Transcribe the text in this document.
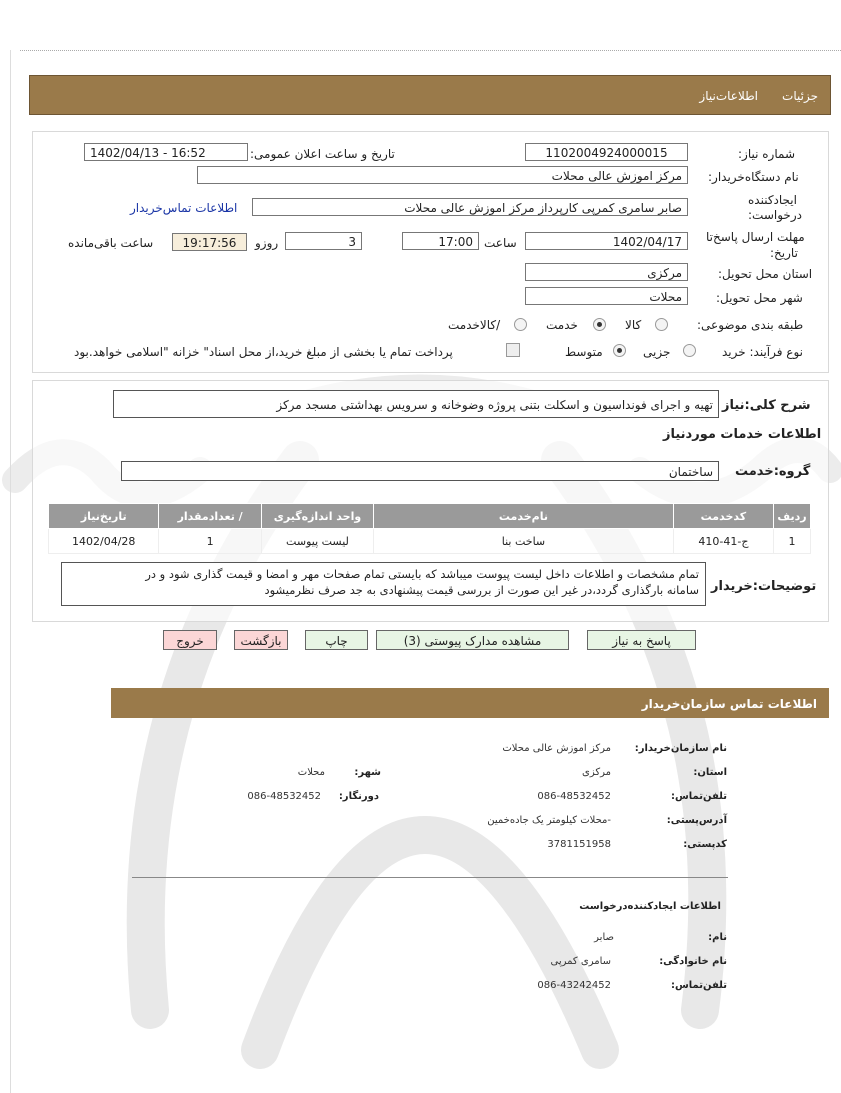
جزئیات
اطلاعات‌نیاز
شماره نیاز:
1102004924000015
تاریخ و ساعت اعلان عمومی:
1402/04/13 - 16:52
نام دستگاه‌خریدار:
مرکز اموزش عالی محلات
ایجادکننده
درخواست:
صابر سامری کمرپی کارپرداز مرکز اموزش عالی محلات
اطلاعات تماس‌خریدار
مهلت ارسال پاسخ‌تا
تاریخ:
1402/04/17
ساعت
17:00
3
روزو
19:17:56
ساعت باقی‌مانده
استان محل تحویل:
مرکزی
شهر محل تحویل:
محلات
طبقه بندی موضوعی:
کالا
خدمت
/کالاخدمت
نوع فرآیند: خرید
جزیی
متوسط
پرداخت تمام یا بخشی از مبلغ خرید،از محل اسناد" خزانه "اسلامی خواهد.بود
شرح کلی:نیاز
تهیه و اجرای فونداسیون و اسکلت بتنی پروژه وضوخانه و سرویس بهداشتی مسجد مرکز
اطلاعات خدمات موردنیاز
گروه:خدمت
ساختمان
ردیف	کدخدمت	نام‌خدمت	واحد اندازه‌گیری	/ تعدادمقدار	تاریخ‌نیاز
1	ج-41-410	ساخت بنا	لیست پیوست	1	1402/04/28
توضیحات:خریدار
تمام مشخصات و اطلاعات داخل لیست پیوست میباشد که بایستی تمام صفحات مهر و امضا و قیمت گذاری شود و در
سامانه بارگذاری گردد،در غیر این صورت از بررسی قیمت پیشنهادی به جد صرف نظرمیشود
پاسخ به نیاز
مشاهده مدارک پیوستی (3)
چاپ
بازگشت
خروج
اطلاعات تماس سازمان‌خریدار
نام سازمان‌خریدار:
مرکز اموزش عالی محلات
استان:
مرکزی
شهر:
محلات
تلفن‌تماس:
086-48532452
دورنگار:
086-48532452
آدرس‌پستی:
-محلات کیلومتر یک جاده‌خمین
کدپستی:
3781151958
اطلاعات ایجاد‌کننده‌درخواست
نام:
صابر
نام خانوادگی:
سامری کمرپی
تلفن‌تماس:
086-43242452
